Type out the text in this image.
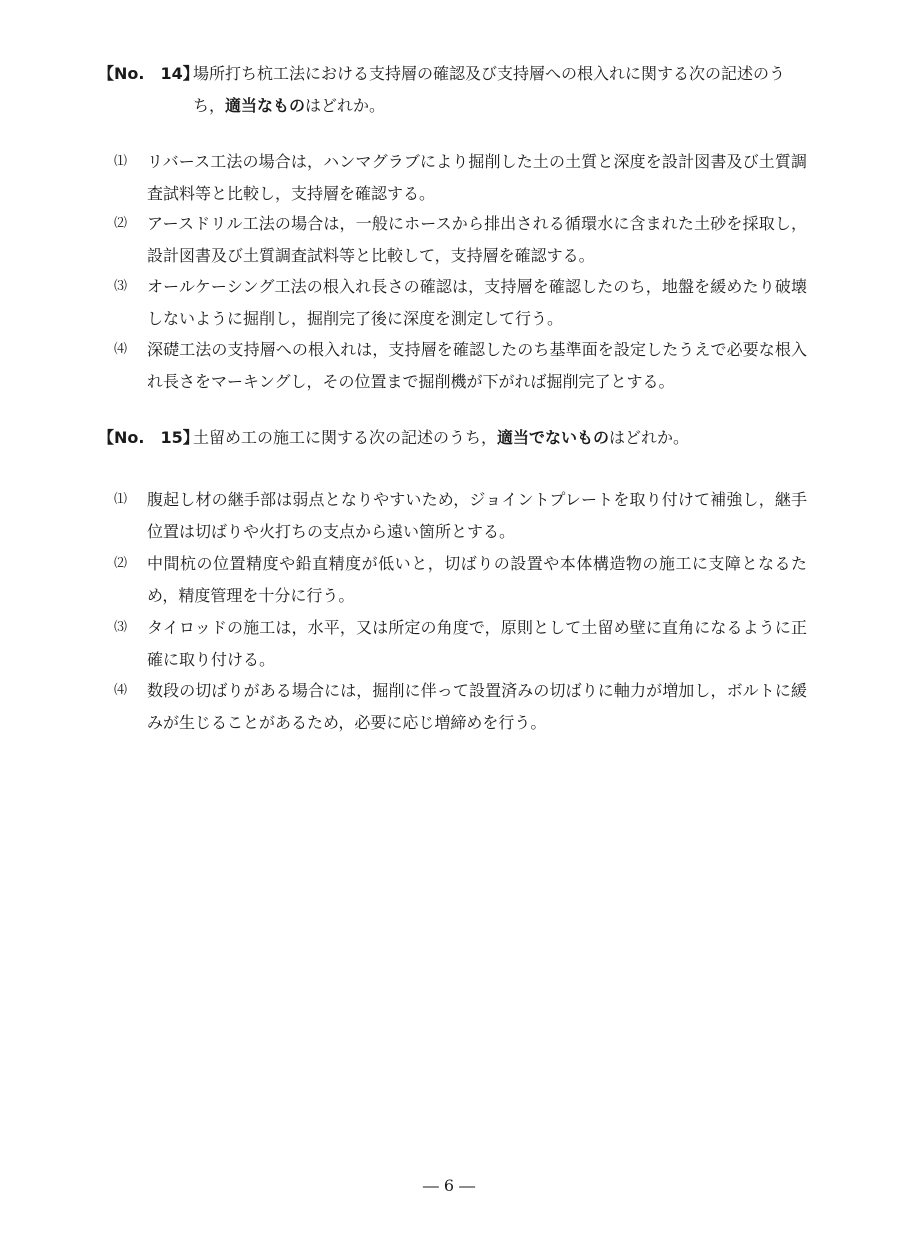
【No.　14】
場所打ち杭工法における支持層の確認及び支持層への根入れに関する次の記述のうち，適当なものはどれか。
⑴ リバース工法の場合は，ハンマグラブにより掘削した土の土質と深度を設計図書及び土質調査試料等と比較し，支持層を確認する。
⑵ アースドリル工法の場合は，一般にホースから排出される循環水に含まれた土砂を採取し，設計図書及び土質調査試料等と比較して，支持層を確認する。
⑶ オールケーシング工法の根入れ長さの確認は，支持層を確認したのち，地盤を緩めたり破壊しないように掘削し，掘削完了後に深度を測定して行う。
⑷ 深礎工法の支持層への根入れは，支持層を確認したのち基準面を設定したうえで必要な根入れ長さをマーキングし，その位置まで掘削機が下がれば掘削完了とする。
【No.　15】
土留め工の施工に関する次の記述のうち，適当でないものはどれか。
⑴ 腹起し材の継手部は弱点となりやすいため，ジョイントプレートを取り付けて補強し，継手位置は切ばりや火打ちの支点から遠い箇所とする。
⑵ 中間杭の位置精度や鉛直精度が低いと，切ばりの設置や本体構造物の施工に支障となるため，精度管理を十分に行う。
⑶ タイロッドの施工は，水平，又は所定の角度で，原則として土留め壁に直角になるように正確に取り付ける。
⑷ 数段の切ばりがある場合には，掘削に伴って設置済みの切ばりに軸力が増加し，ボルトに緩みが生じることがあるため，必要に応じ増締めを行う。
― 6 ―
